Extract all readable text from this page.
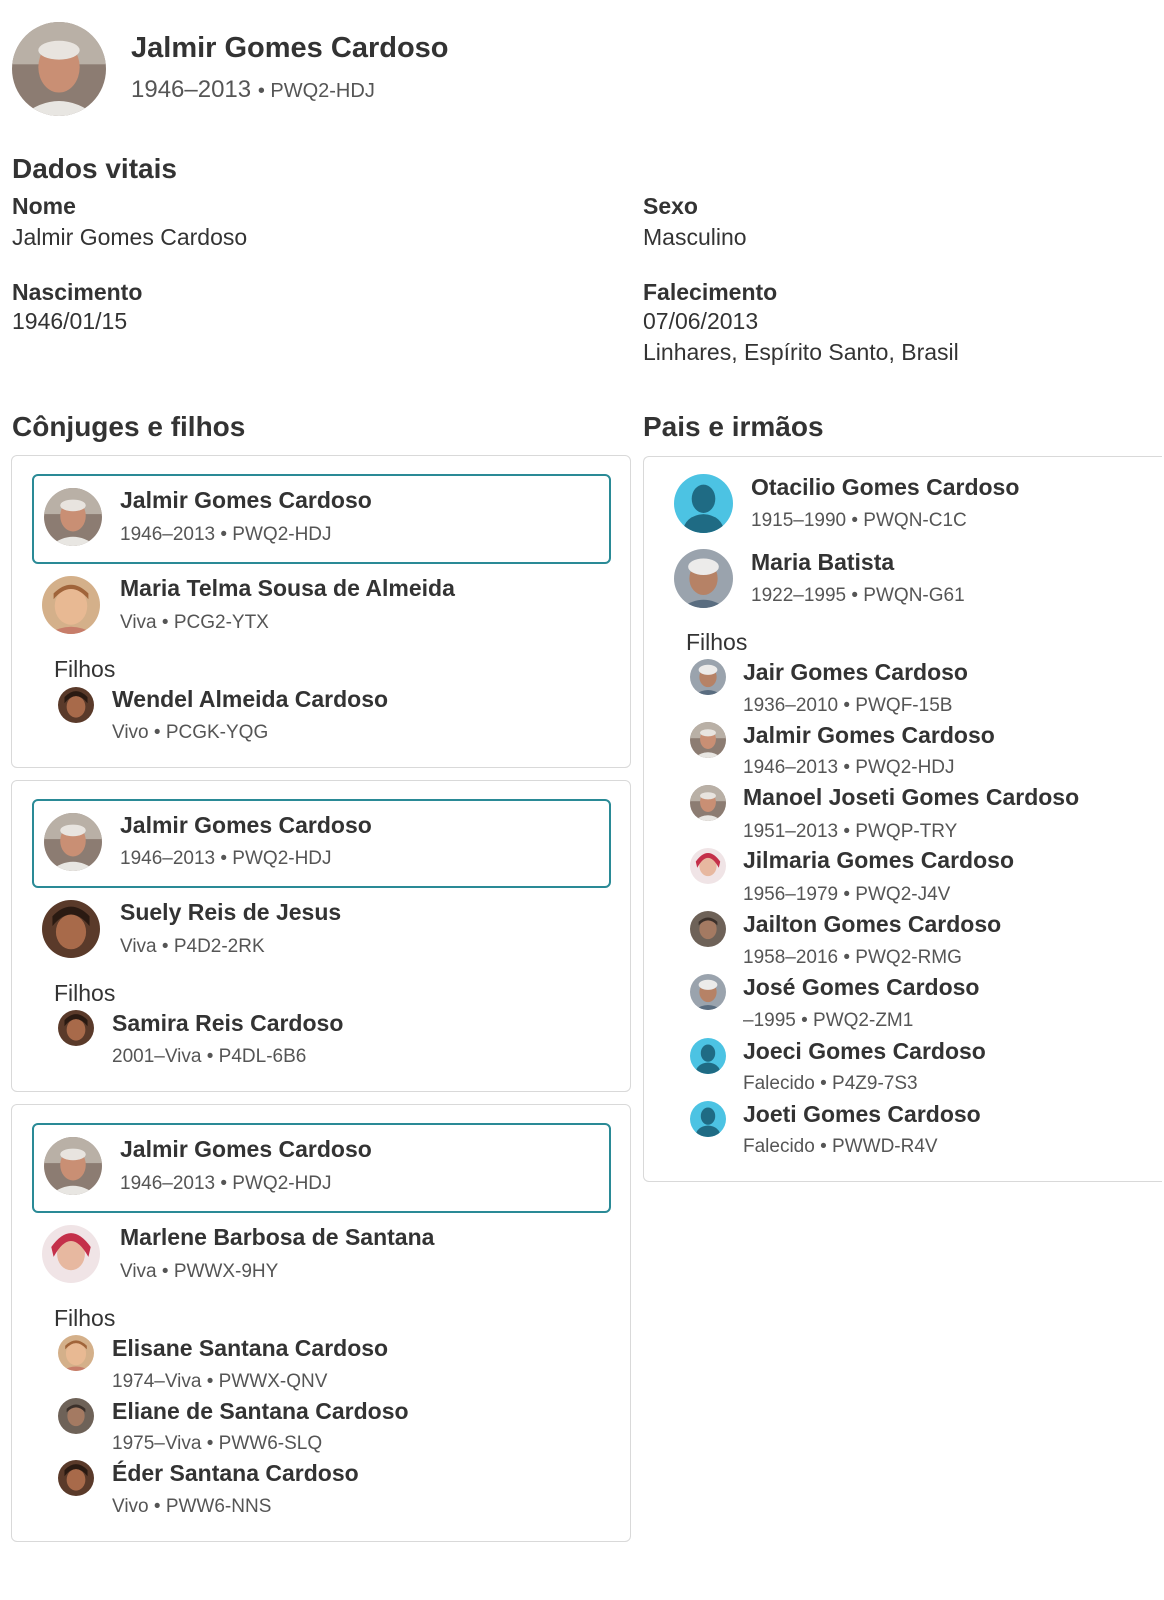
Jalmir Gomes Cardoso
1946–2013 • PWQ2-HDJ
Dados vitais
Nome
Jalmir Gomes Cardoso
Sexo
Masculino
Nascimento
1946/01/15
Falecimento
07/06/2013
Linhares, Espírito Santo, Brasil
Cônjuges e filhos
Jalmir Gomes Cardoso
1946–2013 • PWQ2-HDJ
Maria Telma Sousa de Almeida
Viva • PCG2-YTX
Filhos
Wendel Almeida Cardoso
Vivo • PCGK-YQG
Jalmir Gomes Cardoso
1946–2013 • PWQ2-HDJ
Suely Reis de Jesus
Viva • P4D2-2RK
Filhos
Samira Reis Cardoso
2001–Viva • P4DL-6B6
Jalmir Gomes Cardoso
1946–2013 • PWQ2-HDJ
Marlene Barbosa de Santana
Viva • PWWX-9HY
Filhos
Elisane Santana Cardoso
1974–Viva • PWWX-QNV
Eliane de Santana Cardoso
1975–Viva • PWW6-SLQ
Éder Santana Cardoso
Vivo • PWW6-NNS
Pais e irmãos
Otacilio Gomes Cardoso
1915–1990 • PWQN-C1C
Maria Batista
1922–1995 • PWQN-G61
Filhos
Jair Gomes Cardoso
1936–2010 • PWQF-15B
Jalmir Gomes Cardoso
1946–2013 • PWQ2-HDJ
Manoel Joseti Gomes Cardoso
1951–2013 • PWQP-TRY
Jilmaria Gomes Cardoso
1956–1979 • PWQ2-J4V
Jailton Gomes Cardoso
1958–2016 • PWQ2-RMG
José Gomes Cardoso
–1995 • PWQ2-ZM1
Joeci Gomes Cardoso
Falecido • P4Z9-7S3
Joeti Gomes Cardoso
Falecido • PWWD-R4V
